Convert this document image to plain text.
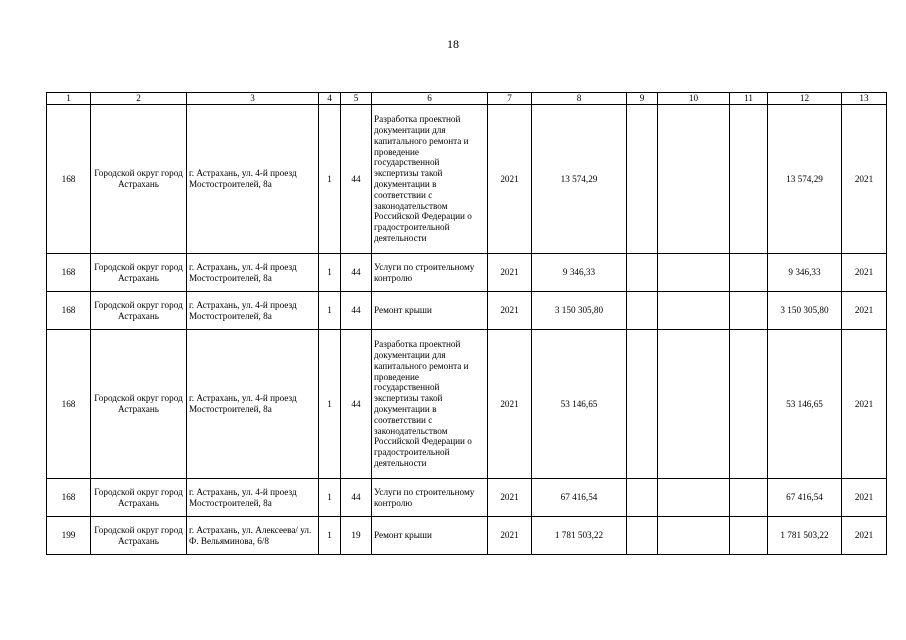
18
1	2	3	4	5	6	7	8	9	10	11	12	13
168	Городской округ город Астрахань	г. Астрахань, ул. 4-й проезд Мостостроителей, 8а	1	44	Разработка проектной документации для капитального ремонта и проведение государственной экспертизы такой документации в соответствии с законодательством Российской Федерации о градостроительной деятельности	2021	13 574,29				13 574,29	2021
168	Городской округ город Астрахань	г. Астрахань, ул. 4-й проезд Мостостроителей, 8а	1	44	Услуги по строительному контролю	2021	9 346,33				9 346,33	2021
168	Городской округ город Астрахань	г. Астрахань, ул. 4-й проезд Мостостроителей, 8а	1	44	Ремонт крыши	2021	3 150 305,80				3 150 305,80	2021
168	Городской округ город Астрахань	г. Астрахань, ул. 4-й проезд Мостостроителей, 8а	1	44	Разработка проектной документации для капитального ремонта и проведение государственной экспертизы такой документации в соответствии с законодательством Российской Федерации о градостроительной деятельности	2021	53 146,65				53 146,65	2021
168	Городской округ город Астрахань	г. Астрахань, ул. 4-й проезд Мостостроителей, 8а	1	44	Услуги по строительному контролю	2021	67 416,54				67 416,54	2021
199	Городской округ город Астрахань	г. Астрахань, ул. Алексеева/ ул. Ф. Вельяминова, 6/8	1	19	Ремонт крыши	2021	1 781 503,22				1 781 503,22	2021
